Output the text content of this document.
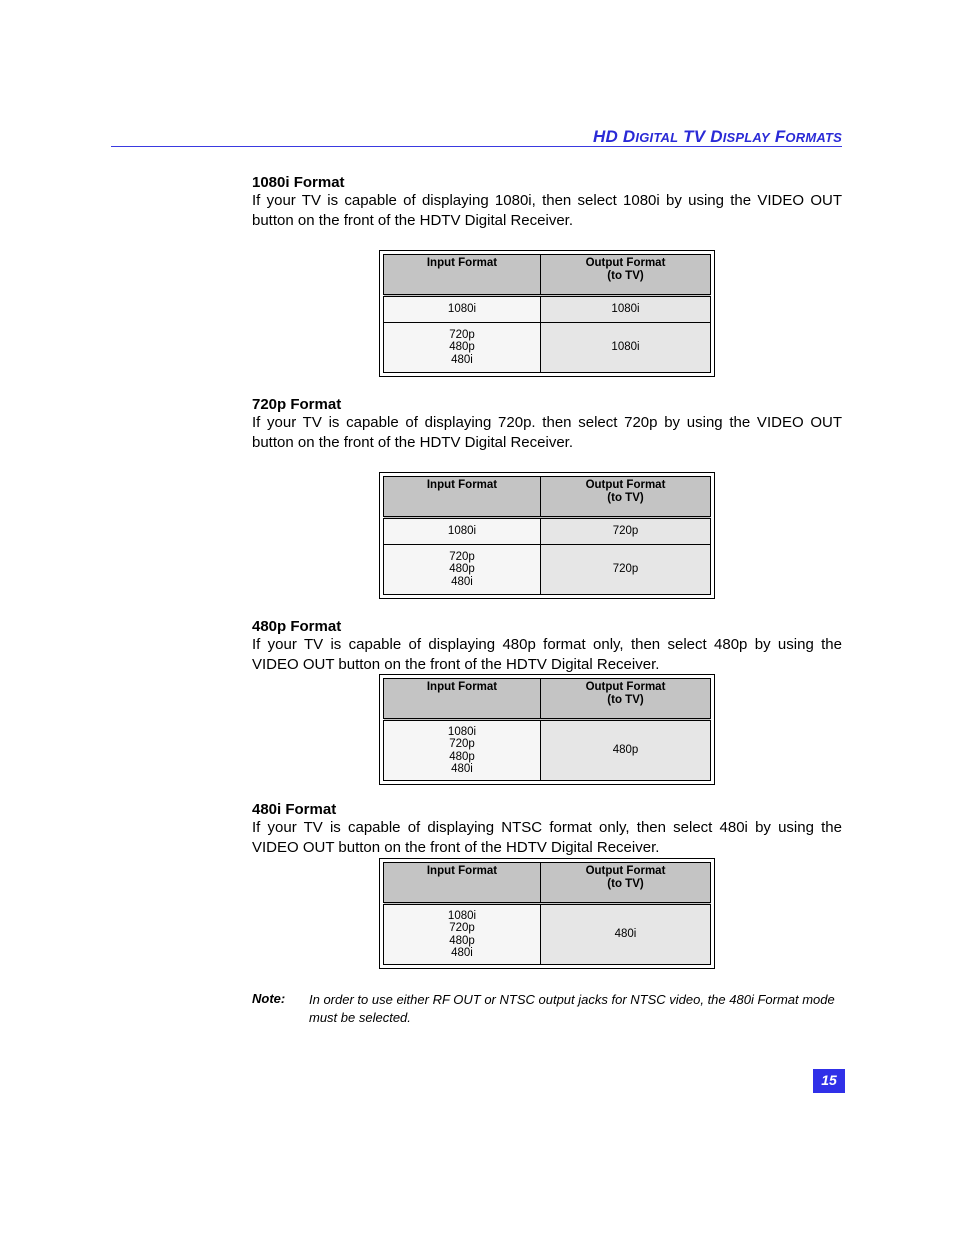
HD DIGITAL TV DISPLAY FORMATS
1080i Format
If your TV is capable of displaying 1080i, then select 1080i by using the VIDEO OUT button on the front of the HDTV Digital Receiver.
Input Format	Output Format
(to TV)

1080i	1080i

720p
480p
480i	1080i
720p Format
If your TV is capable of displaying 720p. then select 720p by using the VIDEO OUT button on the front of the HDTV Digital Receiver.
Input Format	Output Format
(to TV)

1080i	720p

720p
480p
480i	720p
480p Format
If your TV is capable of displaying 480p format only, then select 480p by using the VIDEO OUT button on the front of the HDTV Digital Receiver.
Input Format	Output Format
(to TV)

1080i
720p
480p
480i	480p
480i Format
If your TV is capable of displaying NTSC format only, then select 480i by using the VIDEO OUT button on the front of the HDTV Digital Receiver.
Input Format	Output Format
(to TV)

1080i
720p
480p
480i	480i
Note: In order to use either RF OUT or NTSC output jacks for NTSC video, the 480i Format mode must be selected.
15
